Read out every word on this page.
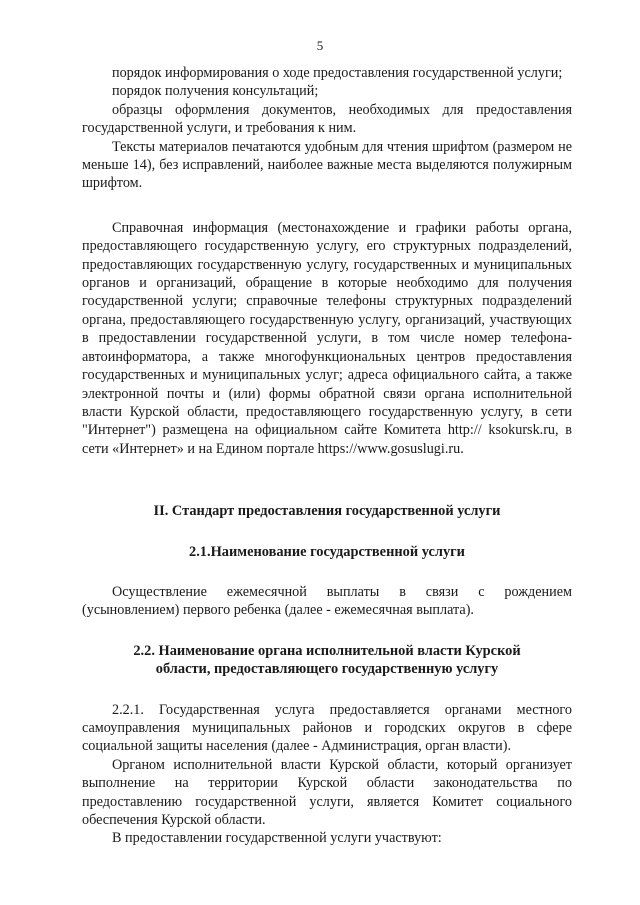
5

порядок информирования о ходе предоставления государственной услуги;

порядок получения консультаций;

образцы оформления документов, необходимых для предоставления государственной услуги, и требования к ним.

Тексты материалов печатаются удобным для чтения шрифтом (размером не меньше 14), без исправлений, наиболее важные места выделяются полужирным шрифтом.

Справочная информация (местонахождение и графики работы органа, предоставляющего государственную услугу, его структурных подразделений, предоставляющих государственную услугу, государственных и муниципальных органов и организаций, обращение в которые необходимо для получения государственной услуги; справочные телефоны структурных подразделений органа, предоставляющего государственную услугу, организаций, участвующих в предоставлении государственной услуги, в том числе номер телефона-автоинформатора, а также многофункциональных центров предоставления государственных и муниципальных услуг; адреса официального сайта, а также электронной почты и (или) формы обратной связи органа исполнительной власти Курской области, предоставляющего государственную услугу, в сети "Интернет") размещена на официальном сайте Комитета http:// ksokursk.ru, в сети «Интернет» и на Едином портале https://www.gosuslugi.ru.

II. Стандарт предоставления государственной услуги

2.1.Наименование государственной услуги

Осуществление ежемесячной выплаты в связи с рождением (усыновлением) первого ребенка (далее - ежемесячная выплата).

2.2. Наименование органа исполнительной власти Курской

области, предоставляющего государственную услугу

2.2.1. Государственная услуга предоставляется органами местного самоуправления муниципальных районов и городских округов в сфере социальной защиты населения (далее - Администрация, орган власти).

Органом исполнительной власти Курской области, который организует выполнение на территории Курской области законодательства по предоставлению государственной услуги, является Комитет социального обеспечения Курской области.

В предоставлении государственной услуги участвуют:
